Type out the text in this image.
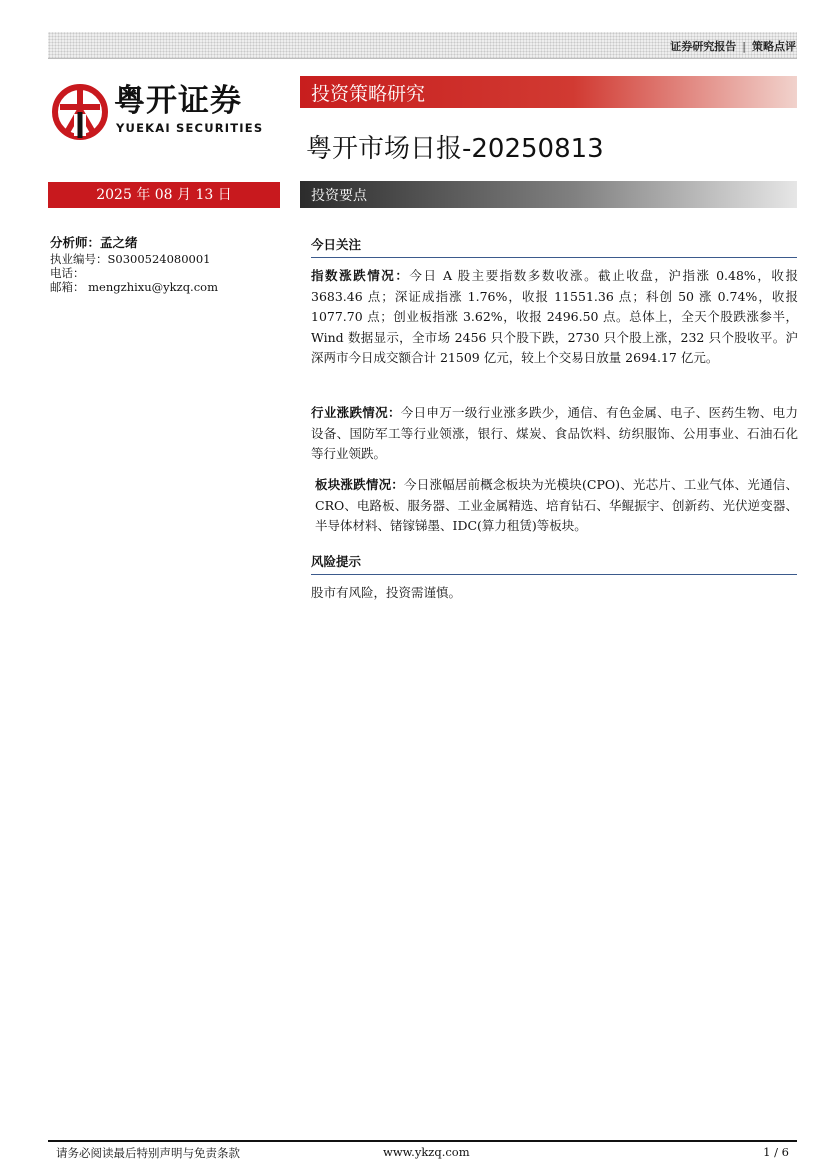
证券研究报告 | 策略点评
粤开证券
YUEKAI SECURITIES
投资策略研究
粤开市场日报-20250813
2025 年 08 月 13 日	投资要点
分析师：孟之绪
执业编号：S0300524080001
电话：
邮箱： mengzhixu@ykzq.com
今日关注
指数涨跌情况：今日 A 股主要指数多数收涨。截止收盘，沪指涨 0.48%，收报 3683.46 点；深证成指涨 1.76%，收报 11551.36 点；科创 50 涨 0.74%，收报 1077.70 点；创业板指涨 3.62%，收报 2496.50 点。总体上，全天个股跌涨参半，Wind 数据显示，全市场 2456 只个股下跌，2730 只个股上涨，232 只个股收平。沪深两市今日成交额合计 21509 亿元，较上个交易日放量 2694.17 亿元。
行业涨跌情况：今日申万一级行业涨多跌少，通信、有色金属、电子、医药生物、电力设备、国防军工等行业领涨，银行、煤炭、食品饮料、纺织服饰、公用事业、石油石化等行业领跌。
板块涨跌情况：今日涨幅居前概念板块为光模块(CPO)、光芯片、工业气体、光通信、CRO、电路板、服务器、工业金属精选、培育钻石、华鲲振宇、创新药、光伏逆变器、半导体材料、锗镓锑墨、IDC(算力租赁)等板块。
风险提示
股市有风险，投资需谨慎。
请务必阅读最后特别声明与免责条款	www.ykzq.com	1 / 6
